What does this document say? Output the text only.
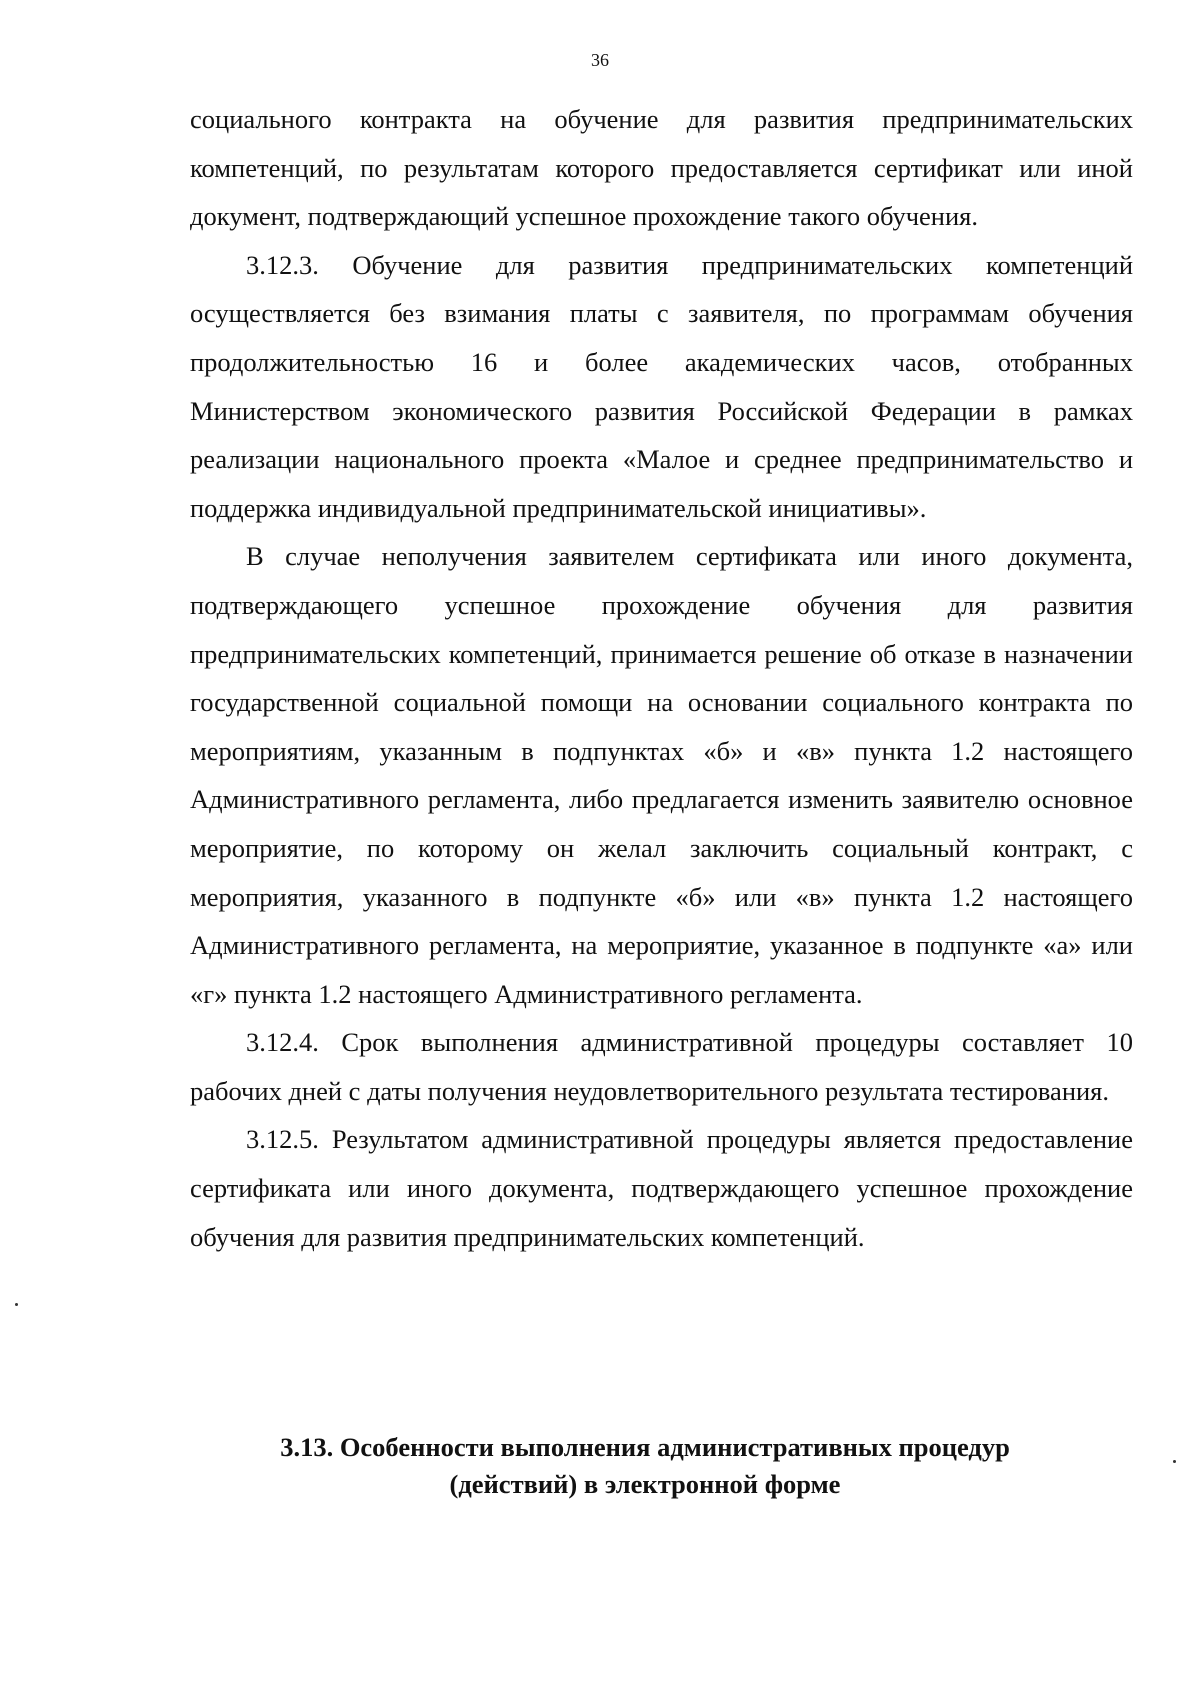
36

социального контракта на обучение для развития предпринимательских компетенций, по результатам которого предоставляется сертификат или иной документ, подтверждающий успешное прохождение такого обучения.

3.12.3. Обучение для развития предпринимательских компетенций осуществляется без взимания платы с заявителя, по программам обучения продолжительностью 16 и более академических часов, отобранных Министерством экономического развития Российской Федерации в рамках реализации национального проекта «Малое и среднее предпринимательство и поддержка индивидуальной предпринимательской инициативы».

В случае неполучения заявителем сертификата или иного документа, подтверждающего успешное прохождение обучения для развития предпринимательских компетенций, принимается решение об отказе в назначении государственной социальной помощи на основании социального контракта по мероприятиям, указанным в подпунктах «б» и «в» пункта 1.2 настоящего Административного регламента, либо предлагается изменить заявителю основное мероприятие, по которому он желал заключить социальный контракт, с мероприятия, указанного в подпункте «б» или «в» пункта 1.2 настоящего Административного регламента, на мероприятие, указанное в подпункте «а» или «г» пункта 1.2 настоящего Административного регламента.

3.12.4. Срок выполнения административной процедуры составляет 10 рабочих дней с даты получения неудовлетворительного результата тестирования.

3.12.5. Результатом административной процедуры является предоставление сертификата или иного документа, подтверждающего успешное прохождение обучения для развития предпринимательских компетенций.

3.13. Особенности выполнения административных процедур
(действий) в электронной форме
